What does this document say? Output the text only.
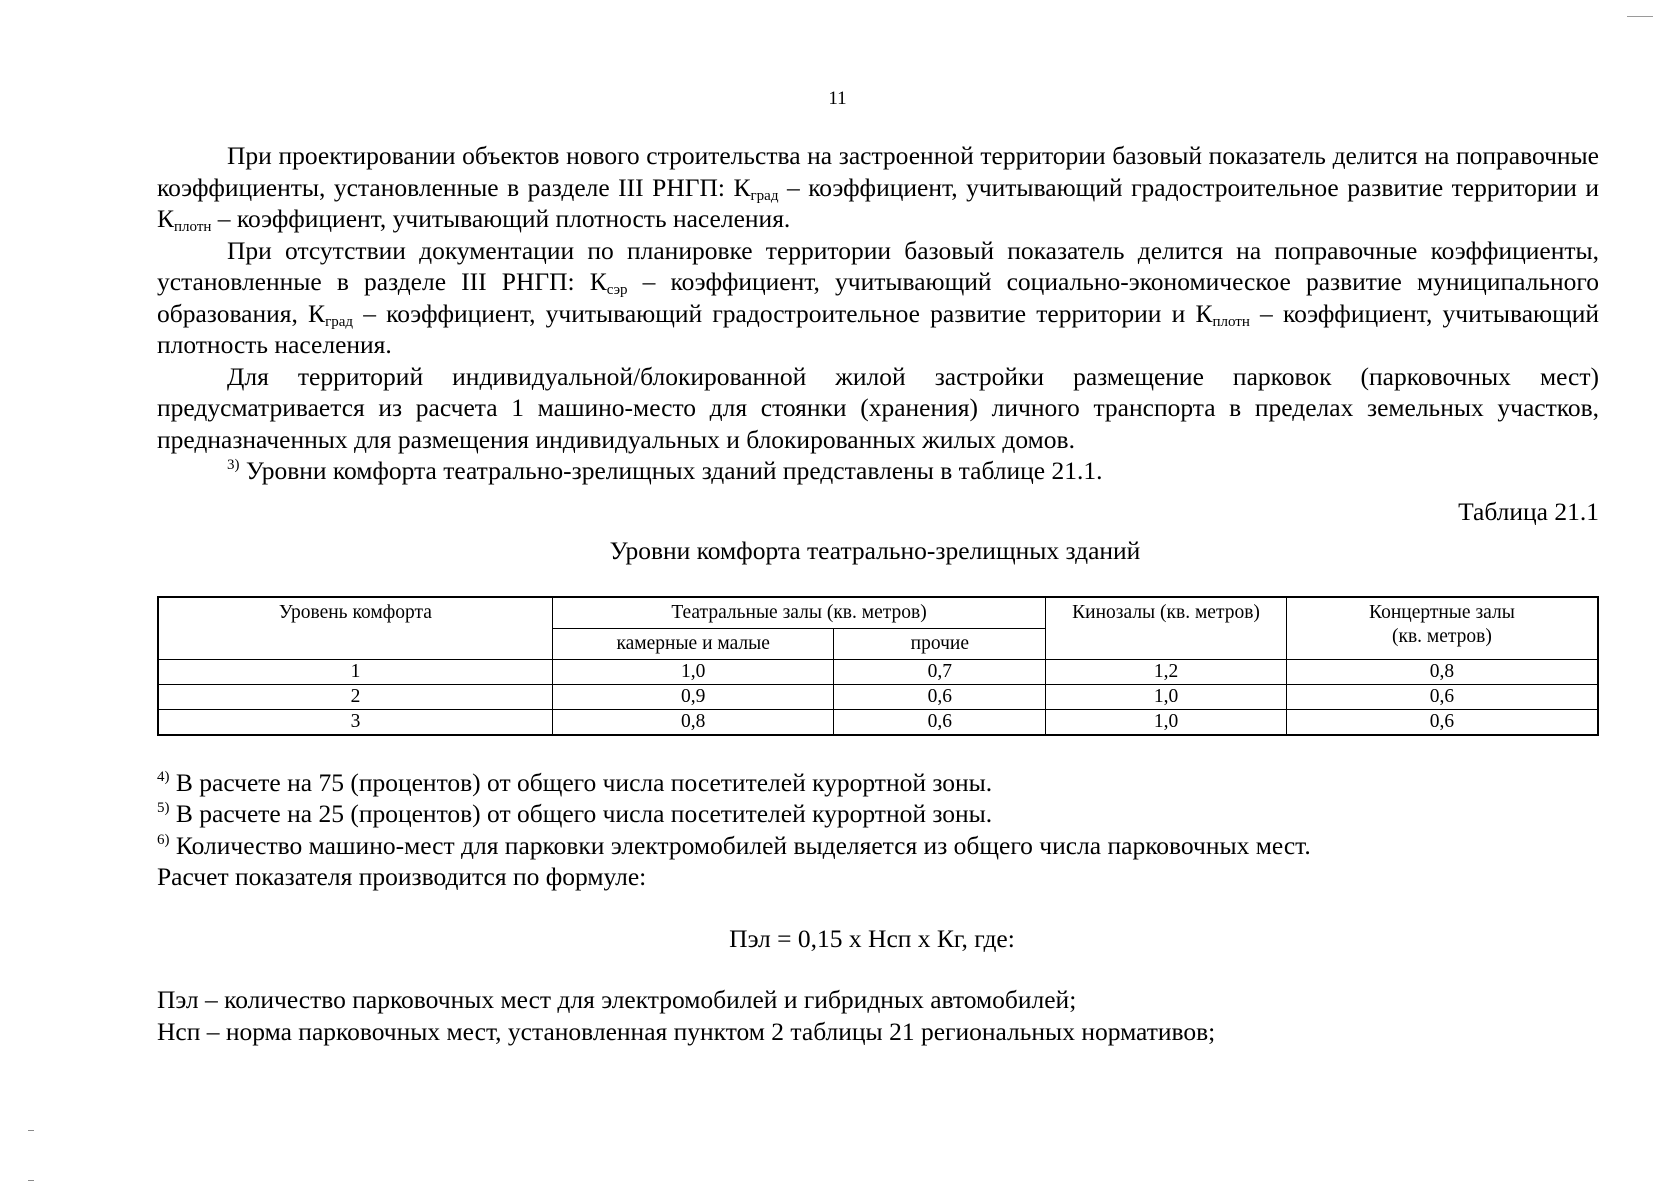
11

При проектировании объектов нового строительства на застроенной территории базовый показатель делится на поправочные коэффициенты, установленные в разделе III РНГП: $К_{град}$ – коэффициент, учитывающий градостроительное развитие территории и $К_{плотн}$ – коэффициент, учитывающий плотность населения.

При отсутствии документации по планировке территории базовый показатель делится на поправочные коэффициенты, установленные в разделе III РНГП: $К_{сэр}$ – коэффициент, учитывающий социально-экономическое развитие муниципального образования, $К_{град}$ – коэффициент, учитывающий градостроительное развитие территории и $К_{плотн}$ – коэффициент, учитывающий плотность населения.

Для территорий индивидуальной/блокированной жилой застройки размещение парковок (парковочных мест) предусматривается из расчета 1 машино-место для стоянки (хранения) личного транспорта в пределах земельных участков, предназначенных для размещения индивидуальных и блокированных жилых домов.

$^{3)}$ Уровни комфорта театрально-зрелищных зданий представлены в таблице 21.1.

Таблица 21.1

Уровни комфорта театрально-зрелищных зданий

Уровень комфорта	Театральные залы (кв. метров)		Кинозалы (кв. метров)	Концертные залы
(кв. метров)
	камерные и малые	прочие		
1	1,0	0,7	1,2	0,8
2	0,9	0,6	1,0	0,6
3	0,8	0,6	1,0	0,6

$^{4)}$ В расчете на 75 (процентов) от общего числа посетителей курортной зоны.

$^{5)}$ В расчете на 25 (процентов) от общего числа посетителей курортной зоны.

$^{6)}$ Количество машино-мест для парковки электромобилей выделяется из общего числа парковочных мест.

Расчет показателя производится по формуле:

Пэл = 0,15 х Нсп х Кг, где:

Пэл – количество парковочных мест для электромобилей и гибридных автомобилей;

Нсп – норма парковочных мест, установленная пунктом 2 таблицы 21 региональных нормативов;
